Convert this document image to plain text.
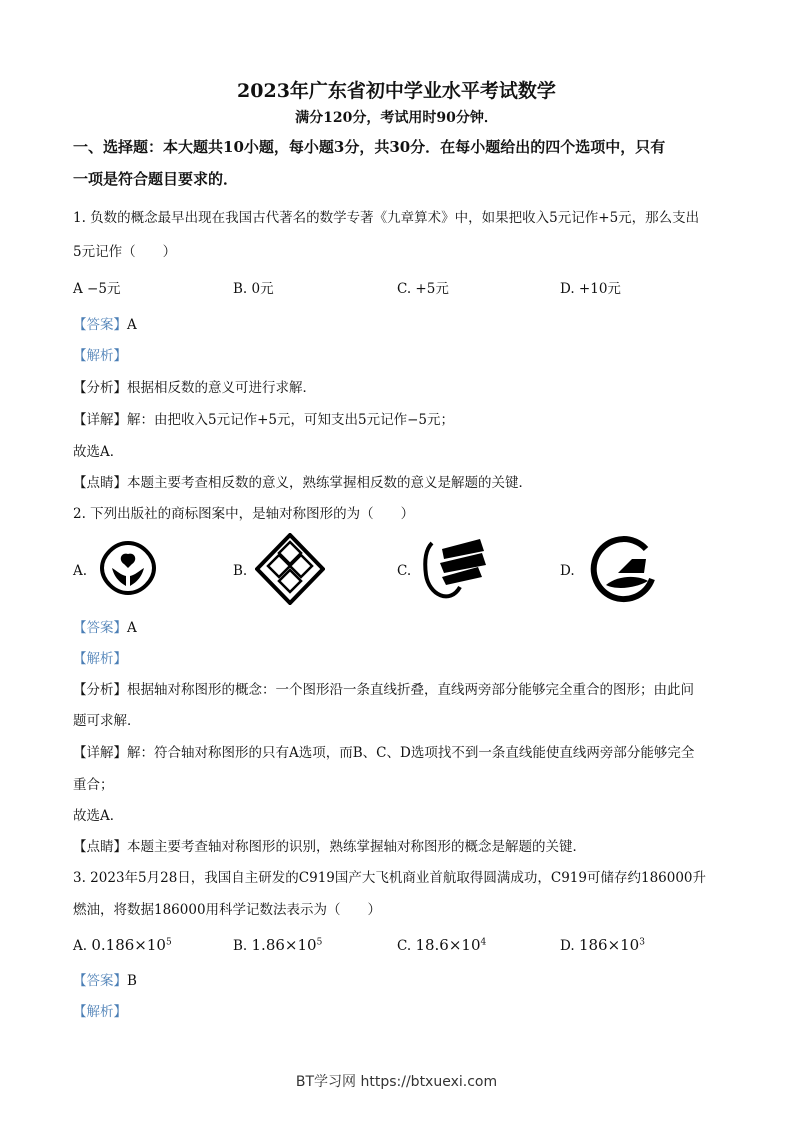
2023年广东省初中学业水平考试数学
满分120分，考试用时90分钟．
一、选择题：本大题共10小题，每小题3分，共30分．在每小题给出的四个选项中，只有
一项是符合题目要求的．
1. 负数的概念最早出现在我国古代著名的数学专著《九章算术》中，如果把收入5元记作+5元，那么支出
5元记作（　　）
A −5元	B. 0元	C. +5元	D. +10元
【答案】A
【解析】
【分析】根据相反数的意义可进行求解．
【详解】解：由把收入5元记作+5元，可知支出5元记作−5元；
故选A．
【点睛】本题主要考查相反数的意义，熟练掌握相反数的意义是解题的关键．
2. 下列出版社的商标图案中，是轴对称图形的为（　　）
A.	B.	C.	D.
【答案】A
【解析】
【分析】根据轴对称图形的概念：一个图形沿一条直线折叠，直线两旁部分能够完全重合的图形；由此问
题可求解．
【详解】解：符合轴对称图形的只有A选项，而B、C、D选项找不到一条直线能使直线两旁部分能够完全
重合；
故选A．
【点睛】本题主要考查轴对称图形的识别，熟练掌握轴对称图形的概念是解题的关键．
3. 2023年5月28日，我国自主研发的C919国产大飞机商业首航取得圆满成功，C919可储存约186000升
燃油，将数据186000用科学记数法表示为（　　）
A. $0.186\times 10^5$	B. $1.86\times 10^5$	C. $18.6\times 10^4$	D. $186\times 10^3$
【答案】B
【解析】
BT学习网 https://btxuexi.com
